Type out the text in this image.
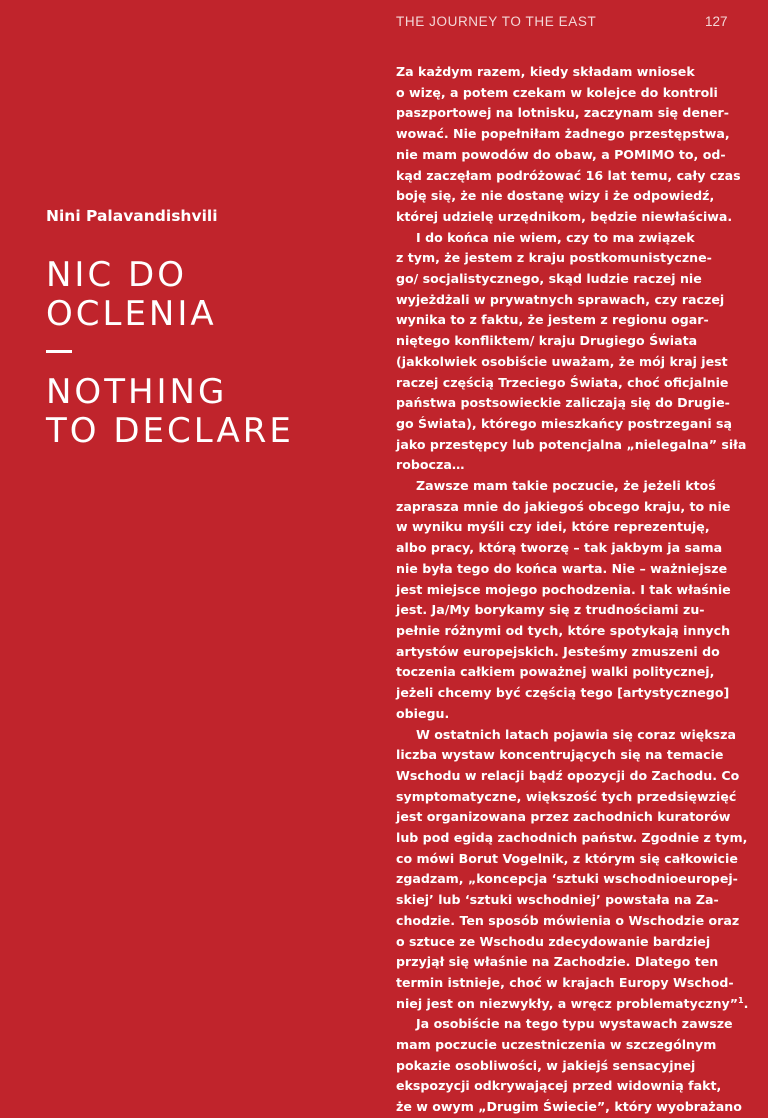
THE JOURNEY TO THE EAST	127
Nini Palavandishvili
NIC DO
OCLENIA
NOTHING
TO DECLARE
Za każdym razem, kiedy składam wniosek
o wizę, a potem czekam w kolejce do kontroli
paszportowej na lotnisku, zaczynam się dener-
wować. Nie popełniłam żadnego przestępstwa,
nie mam powodów do obaw, a POMIMO to, od-
kąd zaczęłam podróżować 16 lat temu, cały czas
boję się, że nie dostanę wizy i że odpowiedź,
której udzielę urzędnikom, będzie niewłaściwa.
I do końca nie wiem, czy to ma związek
z tym, że jestem z kraju postkomunistyczne-
go/ socjalistycznego, skąd ludzie raczej nie
wyjeżdżali w prywatnych sprawach, czy raczej
wynika to z faktu, że jestem z regionu ogar-
niętego konfliktem/ kraju Drugiego Świata
(jakkolwiek osobiście uważam, że mój kraj jest
raczej częścią Trzeciego Świata, choć oficjalnie
państwa postsowieckie zaliczają się do Drugie-
go Świata), którego mieszkańcy postrzegani są
jako przestępcy lub potencjalna „nielegalna” siła
robocza…
Zawsze mam takie poczucie, że jeżeli ktoś
zaprasza mnie do jakiegoś obcego kraju, to nie
w wyniku myśli czy idei, które reprezentuję,
albo pracy, którą tworzę – tak jakbym ja sama
nie była tego do końca warta. Nie – ważniejsze
jest miejsce mojego pochodzenia. I tak właśnie
jest. Ja/My borykamy się z trudnościami zu-
pełnie różnymi od tych, które spotykają innych
artystów europejskich. Jesteśmy zmuszeni do
toczenia całkiem poważnej walki politycznej,
jeżeli chcemy być częścią tego [artystycznego]
obiegu.
W ostatnich latach pojawia się coraz większa
liczba wystaw koncentrujących się na temacie
Wschodu w relacji bądź opozycji do Zachodu. Co
symptomatyczne, większość tych przedsięwzięć
jest organizowana przez zachodnich kuratorów
lub pod egidą zachodnich państw. Zgodnie z tym,
co mówi Borut Vogelnik, z którym się całkowicie
zgadzam, „koncepcja ‘sztuki wschodnioeuropej-
skiej’ lub ‘sztuki wschodniej’ powstała na Za-
chodzie. Ten sposób mówienia o Wschodzie oraz
o sztuce ze Wschodu zdecydowanie bardziej
przyjął się właśnie na Zachodzie. Dlatego ten
termin istnieje, choć w krajach Europy Wschod-
niej jest on niezwykły, a wręcz problematyczny”$^1$.
Ja osobiście na tego typu wystawach zawsze
mam poczucie uczestniczenia w szczególnym
pokazie osobliwości, w jakiejś sensacyjnej
ekspozycji odkrywającej przed widownią fakt,
że w owym „Drugim Świecie”, który wyobrażano
